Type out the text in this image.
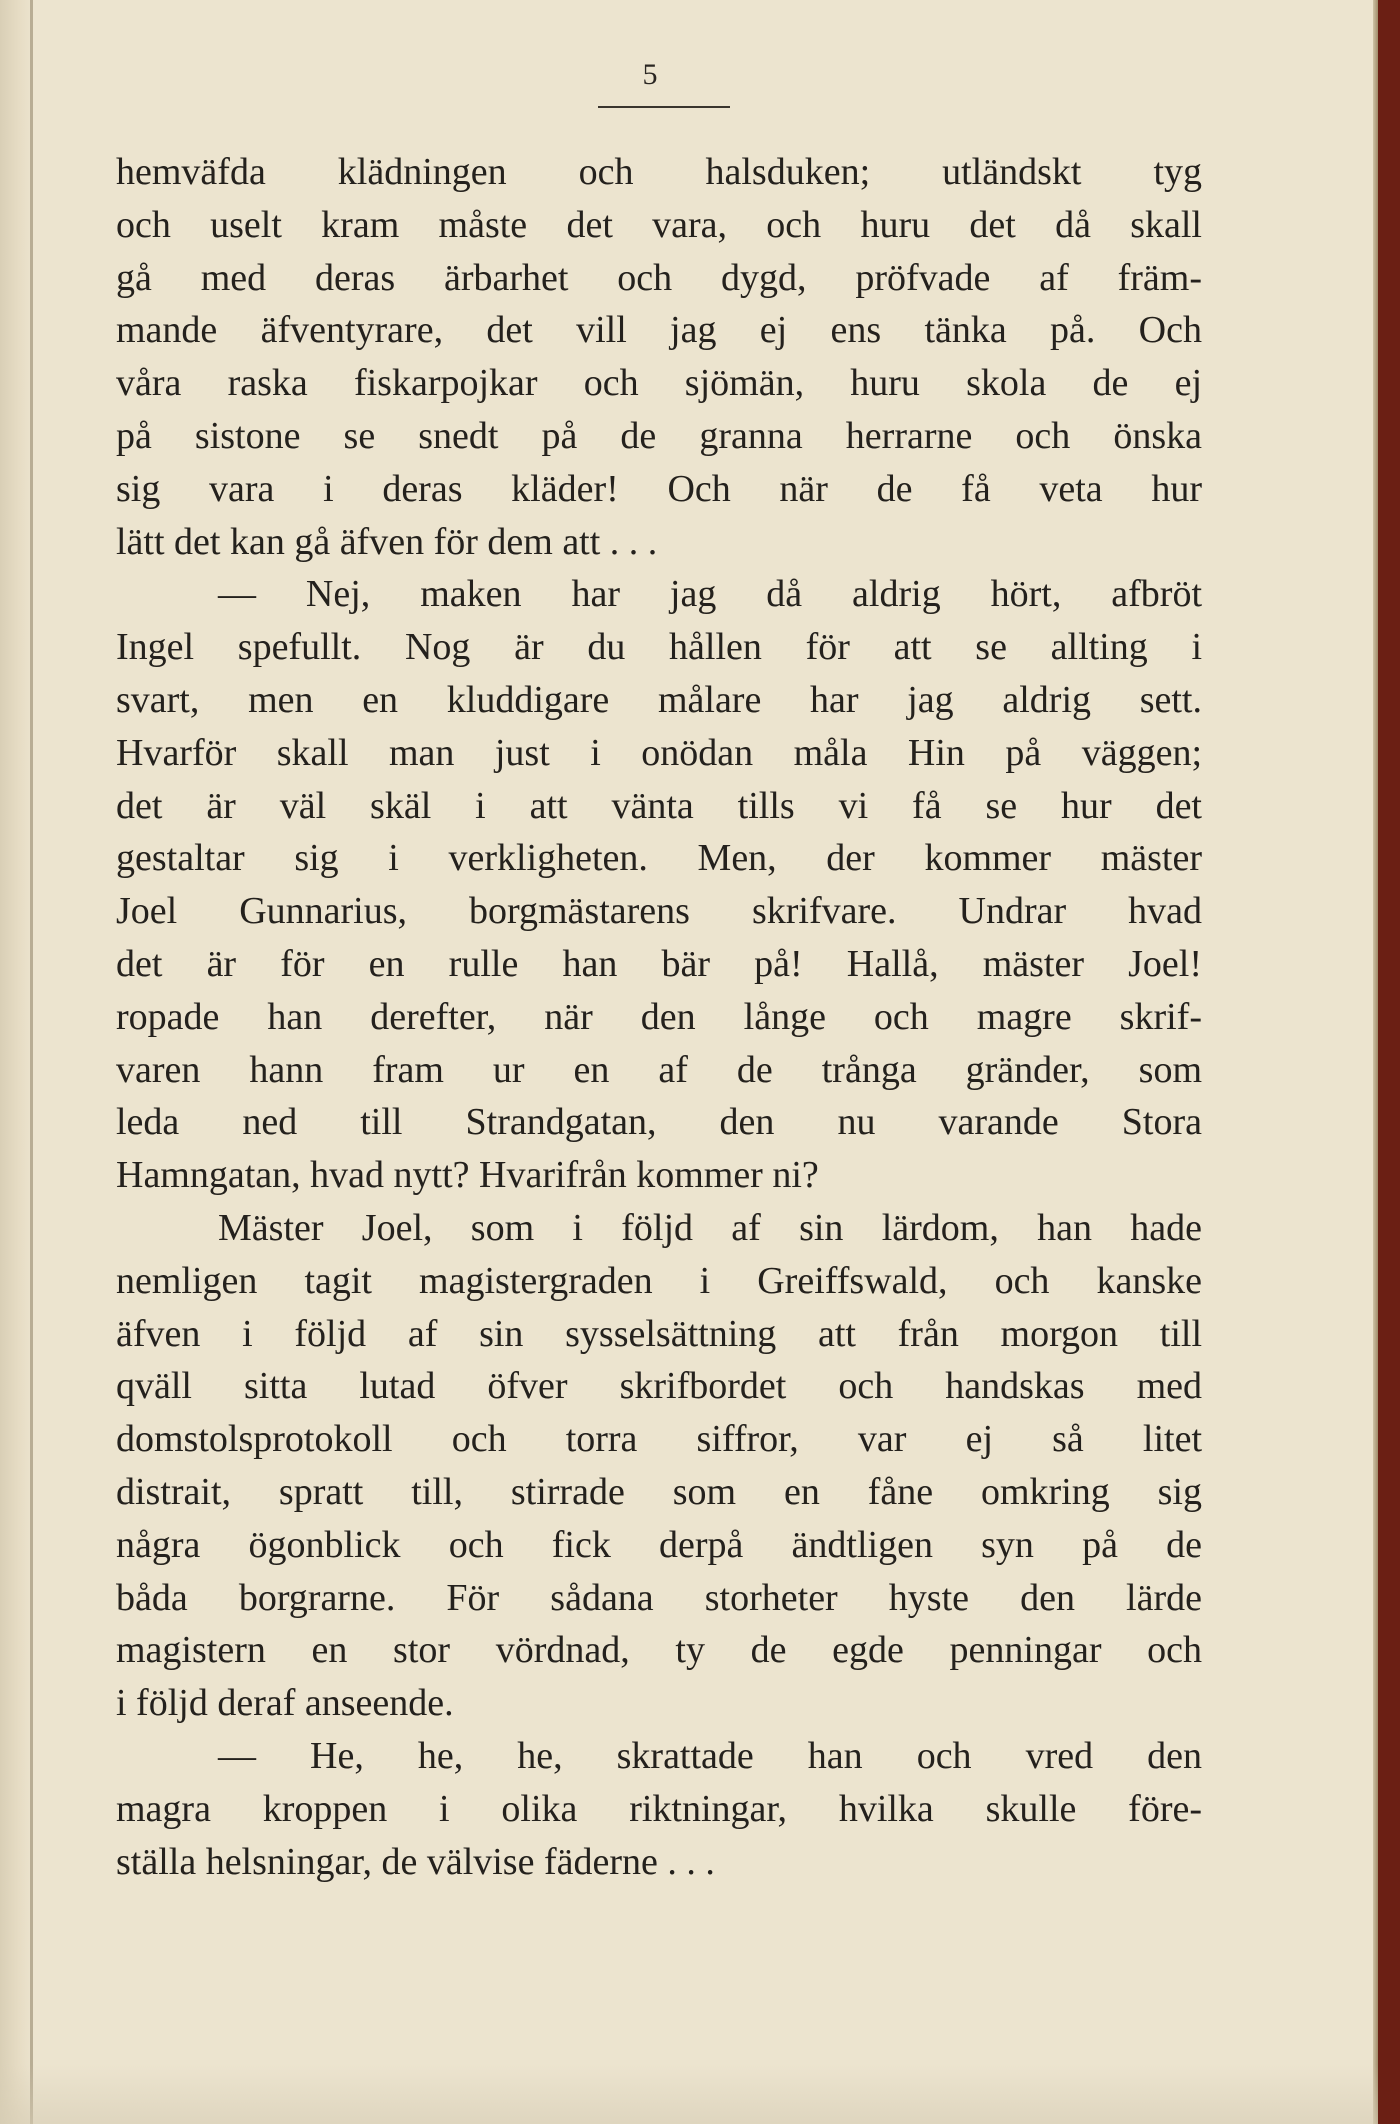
5
hemväfda klädningen och halsduken; utländskt tyg
och uselt kram måste det vara, och huru det då skall
gå med deras ärbarhet och dygd, pröfvade af främ-
mande äfventyrare, det vill jag ej ens tänka på. Och
våra raska fiskarpojkar och sjömän, huru skola de ej
på sistone se snedt på de granna herrarne och önska
sig vara i deras kläder! Och när de få veta hur
lätt det kan gå äfven för dem att . . .
— Nej, maken har jag då aldrig hört, afbröt
Ingel spefullt. Nog är du hållen för att se allting i
svart, men en kluddigare målare har jag aldrig sett.
Hvarför skall man just i onödan måla Hin på väggen;
det är väl skäl i att vänta tills vi få se hur det
gestaltar sig i verkligheten. Men, der kommer mäster
Joel Gunnarius, borgmästarens skrifvare. Undrar hvad
det är för en rulle han bär på! Hallå, mäster Joel!
ropade han derefter, när den långe och magre skrif-
varen hann fram ur en af de trånga gränder, som
leda ned till Strandgatan, den nu varande Stora
Hamngatan, hvad nytt? Hvarifrån kommer ni?
Mäster Joel, som i följd af sin lärdom, han hade
nemligen tagit magistergraden i Greiffswald, och kanske
äfven i följd af sin sysselsättning att från morgon till
qväll sitta lutad öfver skrifbordet och handskas med
domstolsprotokoll och torra siffror, var ej så litet
distrait, spratt till, stirrade som en fåne omkring sig
några ögonblick och fick derpå ändtligen syn på de
båda borgrarne. För sådana storheter hyste den lärde
magistern en stor vördnad, ty de egde penningar och
i följd deraf anseende.
— He, he, he, skrattade han och vred den
magra kroppen i olika riktningar, hvilka skulle före-
ställa helsningar, de välvise fäderne . . .
